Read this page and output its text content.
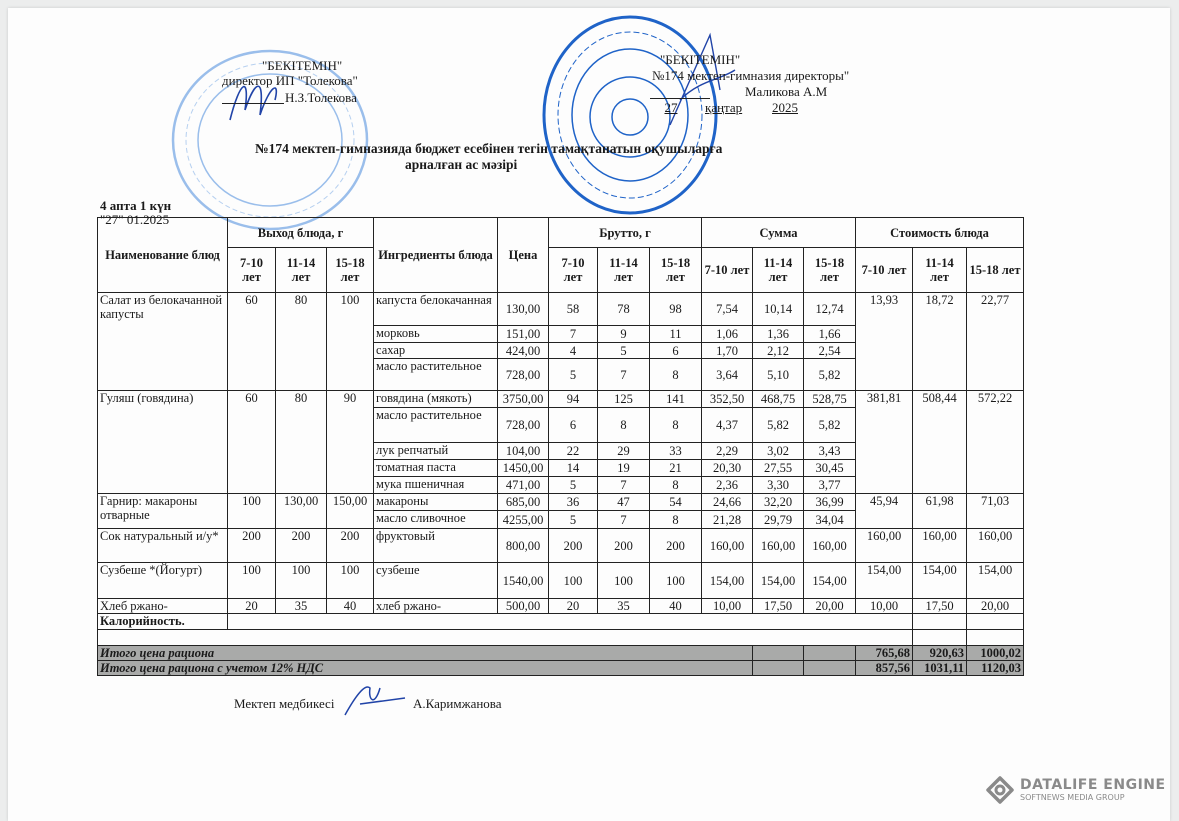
"БЕКІТЕМІН"
директор ИП "Толекова"
Н.З.Толекова
"БЕКІТЕМІН"
№174 мектеп-гимназия директоры"
Маликова А.М
27	қаңтар 2025
№174 мектеп-гимназияда бюджет есебінен тегін тамақтанатын оқушыларға
арналған ас мәзірі
4 апта 1 күн
"27" 01.2025
Наименование блюд	Выход блюда, г			Ингредиенты блюда	Цена	Брутто, г			Сумма			Стоимость блюда		
	7-10 лет	11-14 лет	15-18 лет			7-10 лет	11-14 лет	15-18 лет	7-10 лет	11-14 лет	15-18 лет	7-10 лет	11-14 лет	15-18 лет
Салат из белокачанной капусты	60	80	100	капуста белокачанная	130,00	58	78	98	7,54	10,14	12,74	13,93	18,72	22,77
				морковь	151,00	7	9	11	1,06	1,36	1,66			
				сахар	424,00	4	5	6	1,70	2,12	2,54			
				масло растительное	728,00	5	7	8	3,64	5,10	5,82			
Гуляш (говядина)	60	80	90	говядина (мякоть)	3750,00	94	125	141	352,50	468,75	528,75	381,81	508,44	572,22
				масло растительное	728,00	6	8	8	4,37	5,82	5,82			
				лук репчатый	104,00	22	29	33	2,29	3,02	3,43			
				томатная паста	1450,00	14	19	21	20,30	27,55	30,45			
				мука пшеничная	471,00	5	7	8	2,36	3,30	3,77			
Гарнир: макароны отварные	100	130,00	150,00	макароны	685,00	36	47	54	24,66	32,20	36,99	45,94	61,98	71,03
				масло сливочное	4255,00	5	7	8	21,28	29,79	34,04			
Сок натуральный и/у*	200	200	200	фруктовый	800,00	200	200	200	160,00	160,00	160,00	160,00	160,00	160,00
Сузбеше *(Йогурт)	100	100	100	сузбеше	1540,00	100	100	100	154,00	154,00	154,00	154,00	154,00	154,00
Хлеб ржано-	20	35	40	хлеб ржано-	500,00	20	35	40	10,00	17,50	20,00	10,00	17,50	20,00
Калорийность.														

Итого цена рациона												765,68	920,63	1000,02
Итого цена рациона с учетом 12% НДС												857,56	1031,11	1120,03
Мектеп медбикесі	А.Каримжанова
DATALIFE ENGINE
SOFTNEWS MEDIA GROUP
